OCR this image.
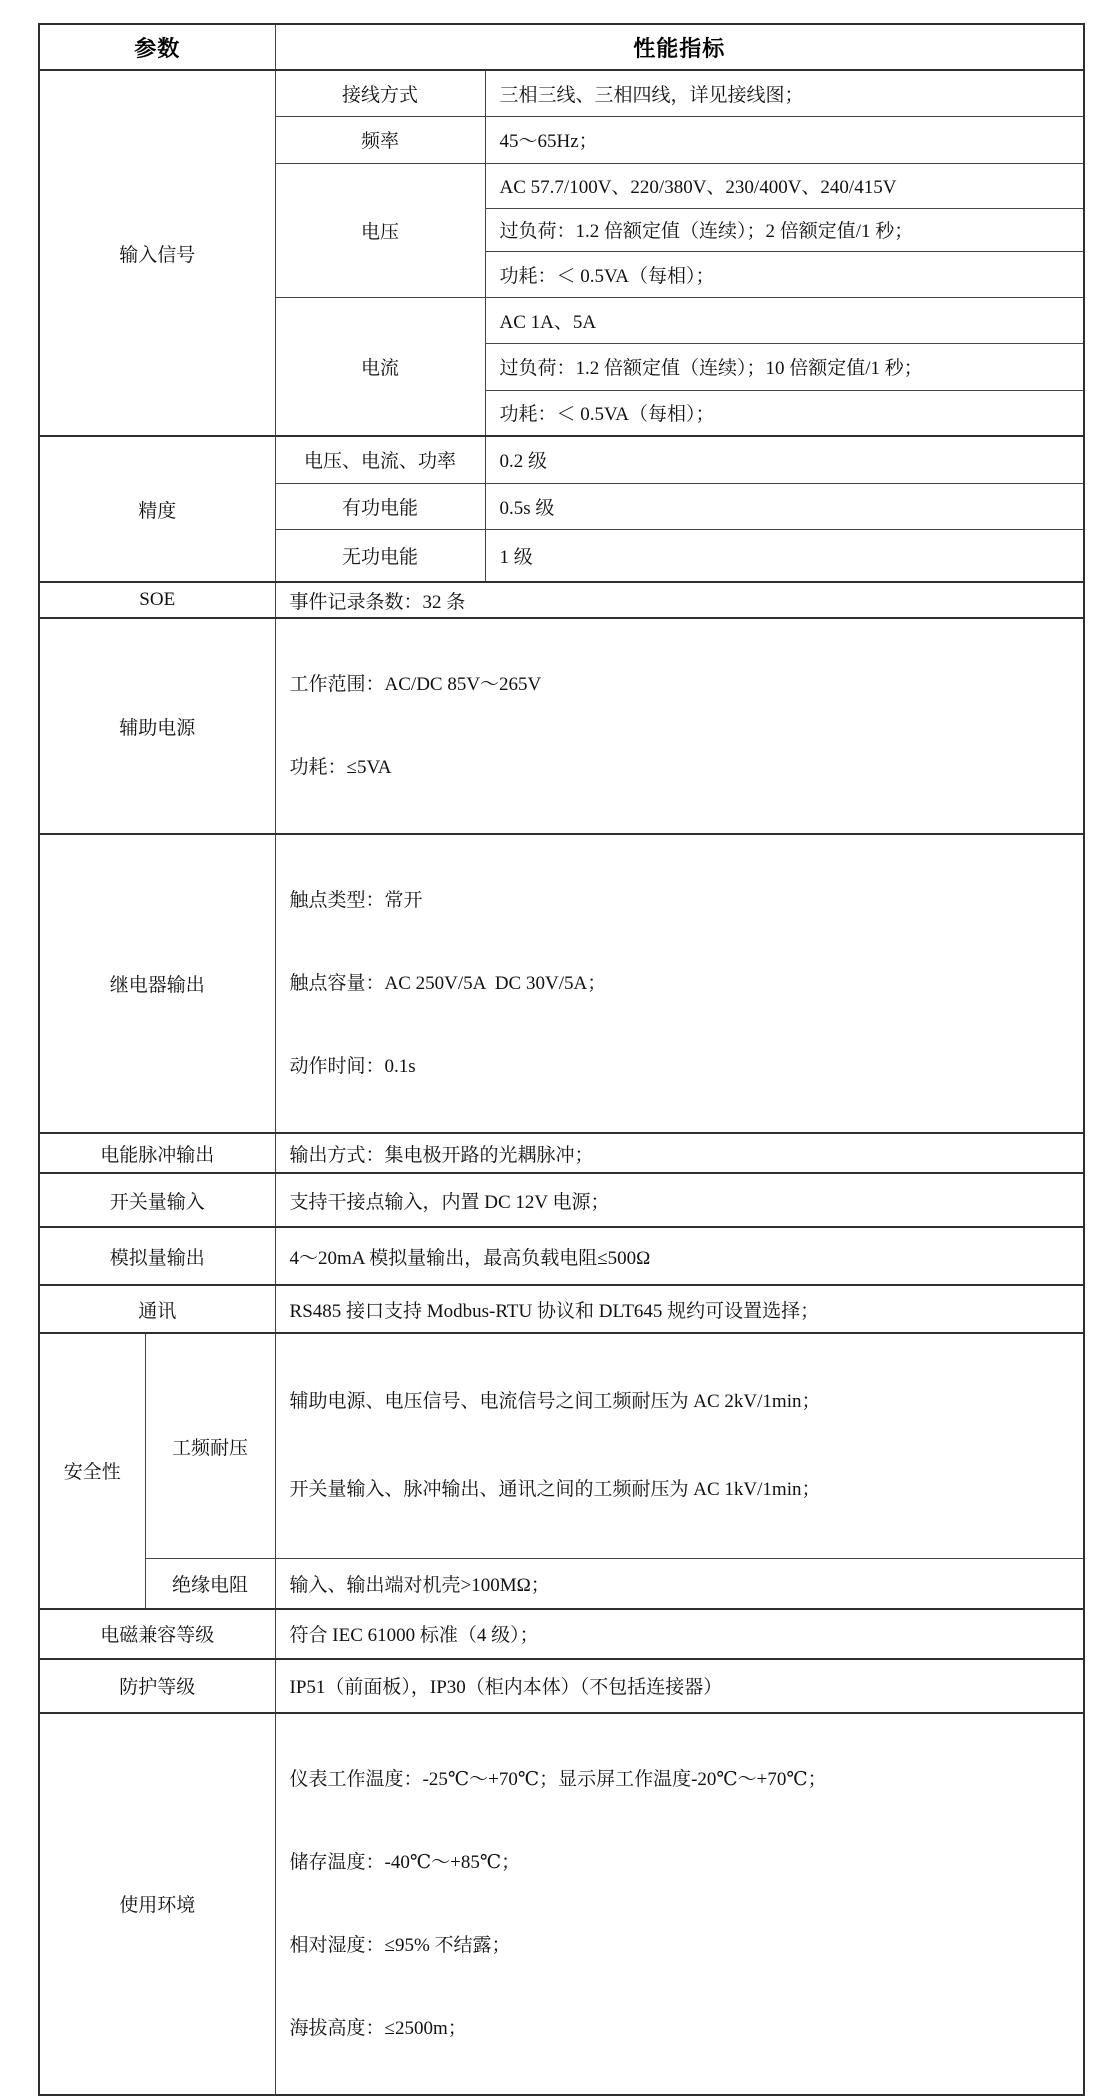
参数		性能指标	
输入信号		接线方式	三相三线、三相四线，详见接线图；
		频率	45～65Hz；
		电压	AC 57.7/100V、220/380V、230/400V、240/415V
			过负荷：1.2 倍额定值（连续）；2 倍额定值/1 秒；
			功耗：＜ 0.5VA（每相）；
		电流	AC 1A、5A
			过负荷：1.2 倍额定值（连续）；10 倍额定值/1 秒；
			功耗：＜ 0.5VA（每相）；
精度		电压、电流、功率	0.2 级
		有功电能	0.5s 级
		无功电能	1 级
SOE		事件记录条数：32 条	
辅助电源		工作范围：AC/DC 85V～265V

功耗：≤5VA	

继电器输出		触点类型：常开

触点容量：AC 250V/5A  DC 30V/5A；

动作时间：0.1s	

电能脉冲输出		输出方式：集电极开路的光耦脉冲；	
开关量输入		支持干接点输入，内置 DC 12V 电源；	
模拟量输出		4～20mA 模拟量输出，最高负载电阻≤500Ω	
通讯		RS485 接口支持 Modbus-RTU 协议和 DLT645 规约可设置选择；	
安全性	工频耐压	辅助电源、电压信号、电流信号之间工频耐压为 AC 2kV/1min；

开关量输入、脉冲输出、通讯之间的工频耐压为 AC 1kV/1min；	

	绝缘电阻	输入、输出端对机壳>100MΩ；	
电磁兼容等级		符合 IEC 61000 标准（4 级）；	
防护等级		IP51（前面板），IP30（柜内本体）（不包括连接器）	
使用环境		仪表工作温度：-25℃～+70℃；显示屏工作温度-20℃～+70℃；

储存温度：-40℃～+85℃；

相对湿度：≤95% 不结露；

海拔高度：≤2500m；	
